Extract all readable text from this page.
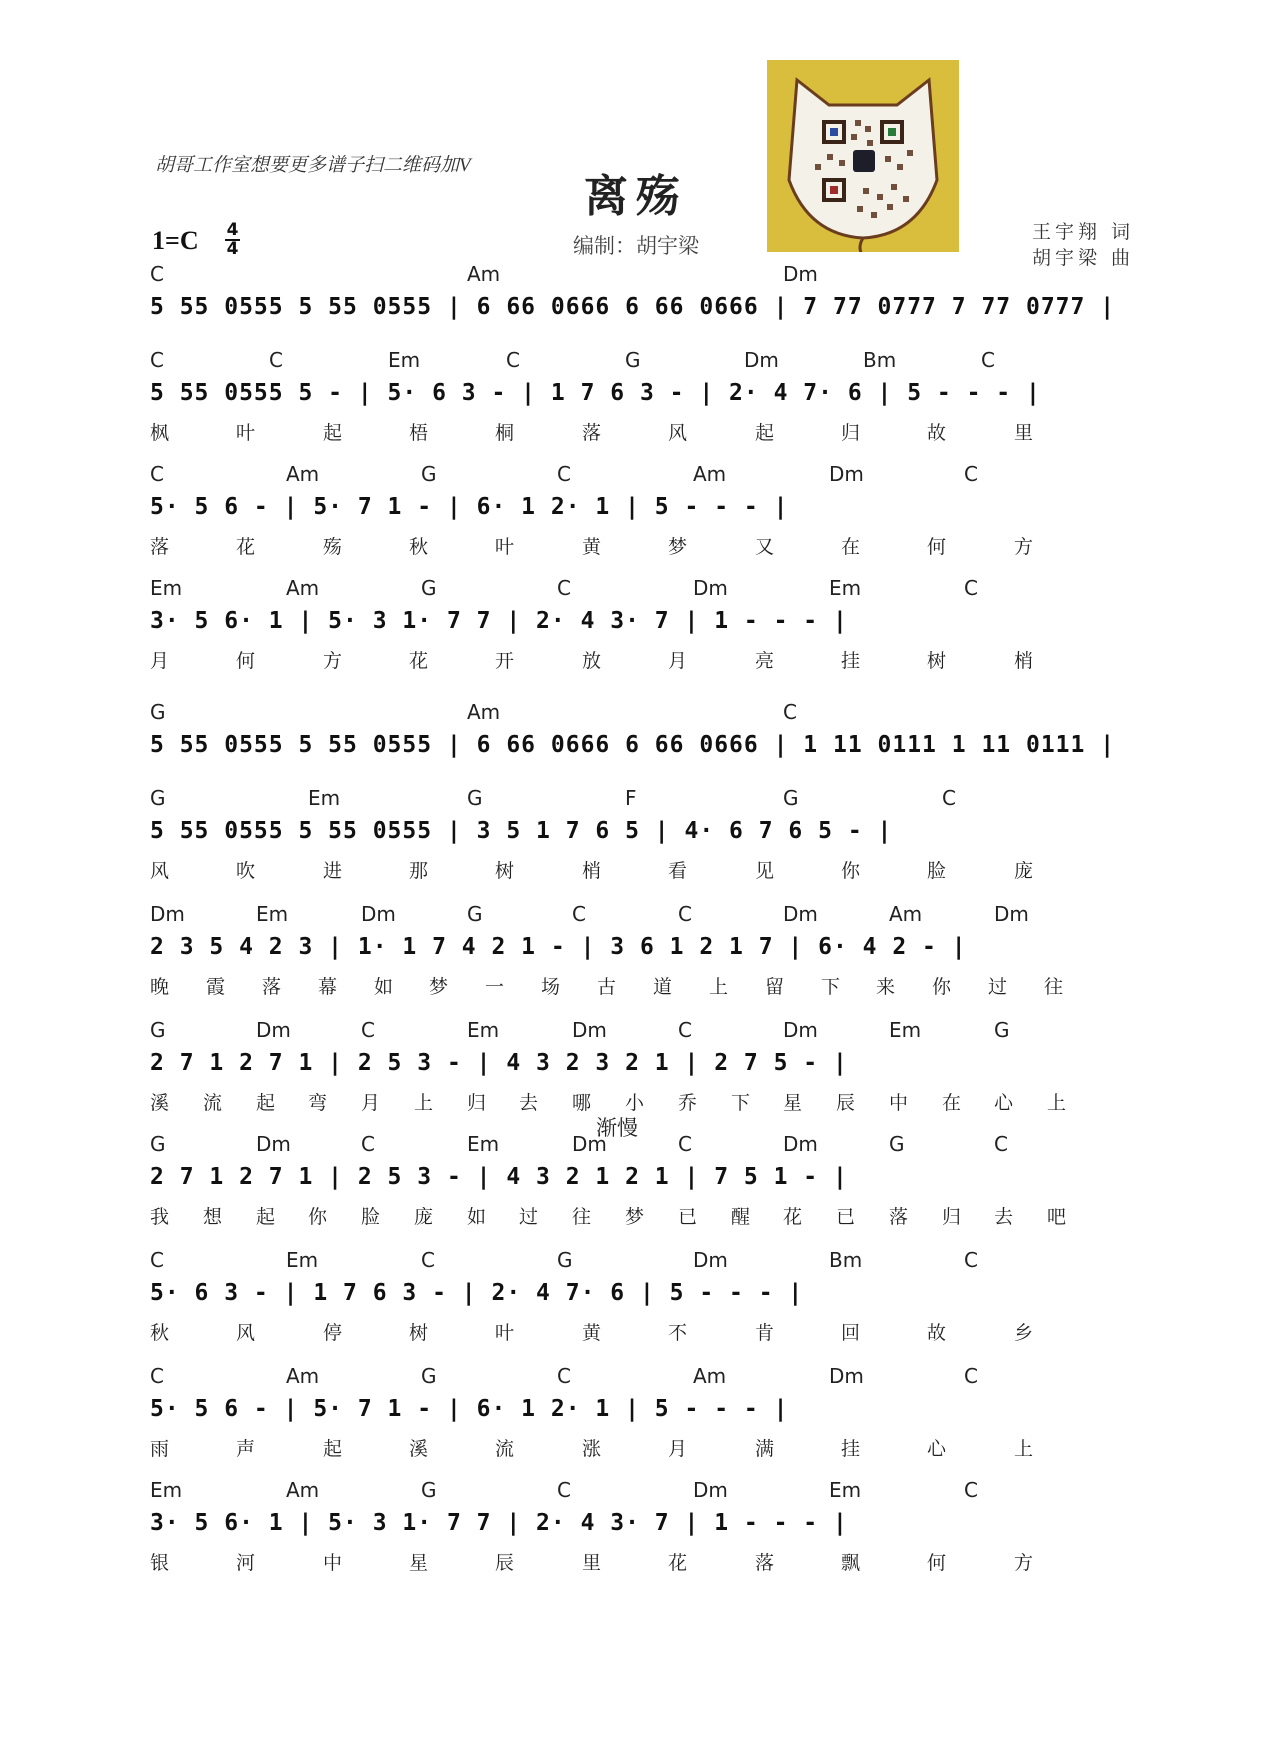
胡哥工作室想要更多谱子扫二维码加V
离殇
编制：胡宇梁
王宇翔 词
胡宇梁 曲
1=C 4
4
渐慢
C	Am	Dm
5 55 0555 5 55 0555 | 6 66 0666 6 66 0666 | 7 77 0777 7 77 0777 |
C	C	Em	C	G	Dm	Bm	C
5 55 0555 5 - | 5· 6 3 - | 1 7 6 3 - | 2· 4 7· 6 | 5 - - - |
枫	叶	起	梧	桐	落	风	起	归	故	里
C	Am	G	C	Am	Dm	C
5· 5 6 - | 5· 7 1 - | 6· 1 2· 1 | 5 - - - |
落	花	殇	秋	叶	黄	梦	又	在	何	方
Em	Am	G	C	Dm	Em	C
3· 5 6· 1 | 5· 3 1· 7 7 | 2· 4 3· 7 | 1 - - - |
月	何	方	花	开	放	月	亮	挂	树	梢
G	Am	C
5 55 0555 5 55 0555 | 6 66 0666 6 66 0666 | 1 11 0111 1 11 0111 |
G	Em	G	F	G	C
5 55 0555 5 55 0555 | 3 5 1 7 6 5 | 4· 6 7 6 5 - |
风	吹	进	那	树	梢	看	见	你	脸	庞
Dm	Em	Dm	G	C	C	Dm	Am	Dm
2 3 5 4 2 3 | 1· 1 7 4 2 1 - | 3 6 1 2 1 7 | 6· 4 2 - |
晚 霞 落 幕 如 梦 一 场 古 道 上 留 下 来 你 过 往
G	Dm	C	Em	Dm	C	Dm	Em	G
2 7 1 2 7 1 | 2 5 3 - | 4 3 2 3 2 1 | 2 7 5 - |
溪 流 起 弯 月 上 归 去 哪 小 乔 下 星 辰 中 在 心 上
G	Dm	C	Em	Dm	C	Dm	G	C
2 7 1 2 7 1 | 2 5 3 - | 4 3 2 1 2 1 | 7 5 1 - |
我 想 起 你 脸 庞 如 过 往 梦 已 醒 花 已 落 归 去 吧
C	Em	C	G	Dm	Bm	C
5· 6 3 - | 1 7 6 3 - | 2· 4 7· 6 | 5 - - - |
秋	风	停	树	叶	黄	不	肯	回	故	乡
C	Am	G	C	Am	Dm	C
5· 5 6 - | 5· 7 1 - | 6· 1 2· 1 | 5 - - - |
雨	声	起	溪	流	涨	月	满	挂	心	上
Em	Am	G	C	Dm	Em	C
3· 5 6· 1 | 5· 3 1· 7 7 | 2· 4 3· 7 | 1 - - - |
银	河	中	星	辰	里	花	落	飘	何	方
